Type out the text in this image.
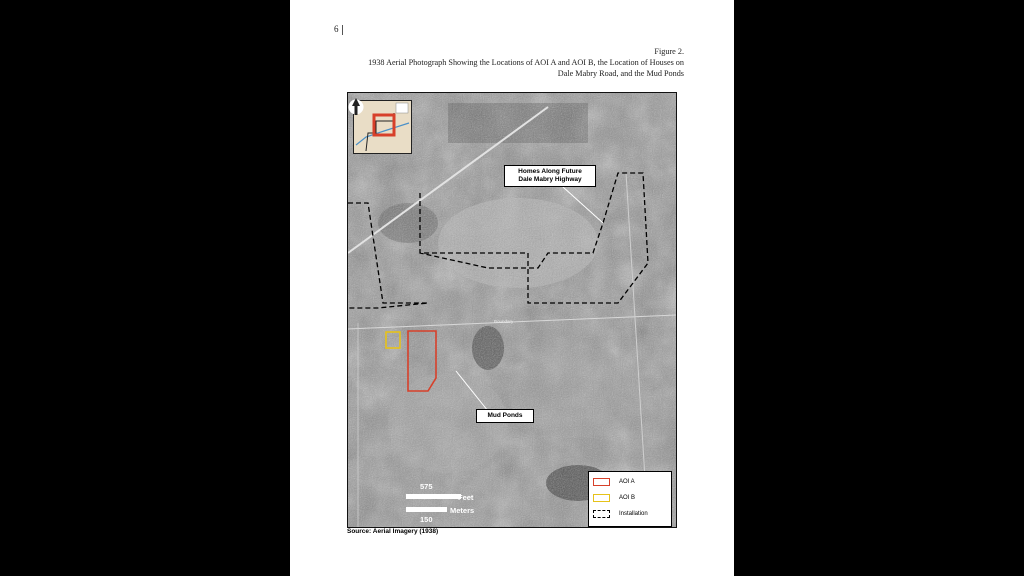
6
Figure 2.
1938 Aerial Photograph Showing the Locations of AOI A and AOI B, the Location of Houses on
Dale Mabry Road, and the Mud Ponds
Homes Along Future
Dale Mabry Highway
Mud Ponds
Boundary
575
Feet
Meters
150
AOI A
AOI B
Installation
Source: Aerial Imagery (1938)
